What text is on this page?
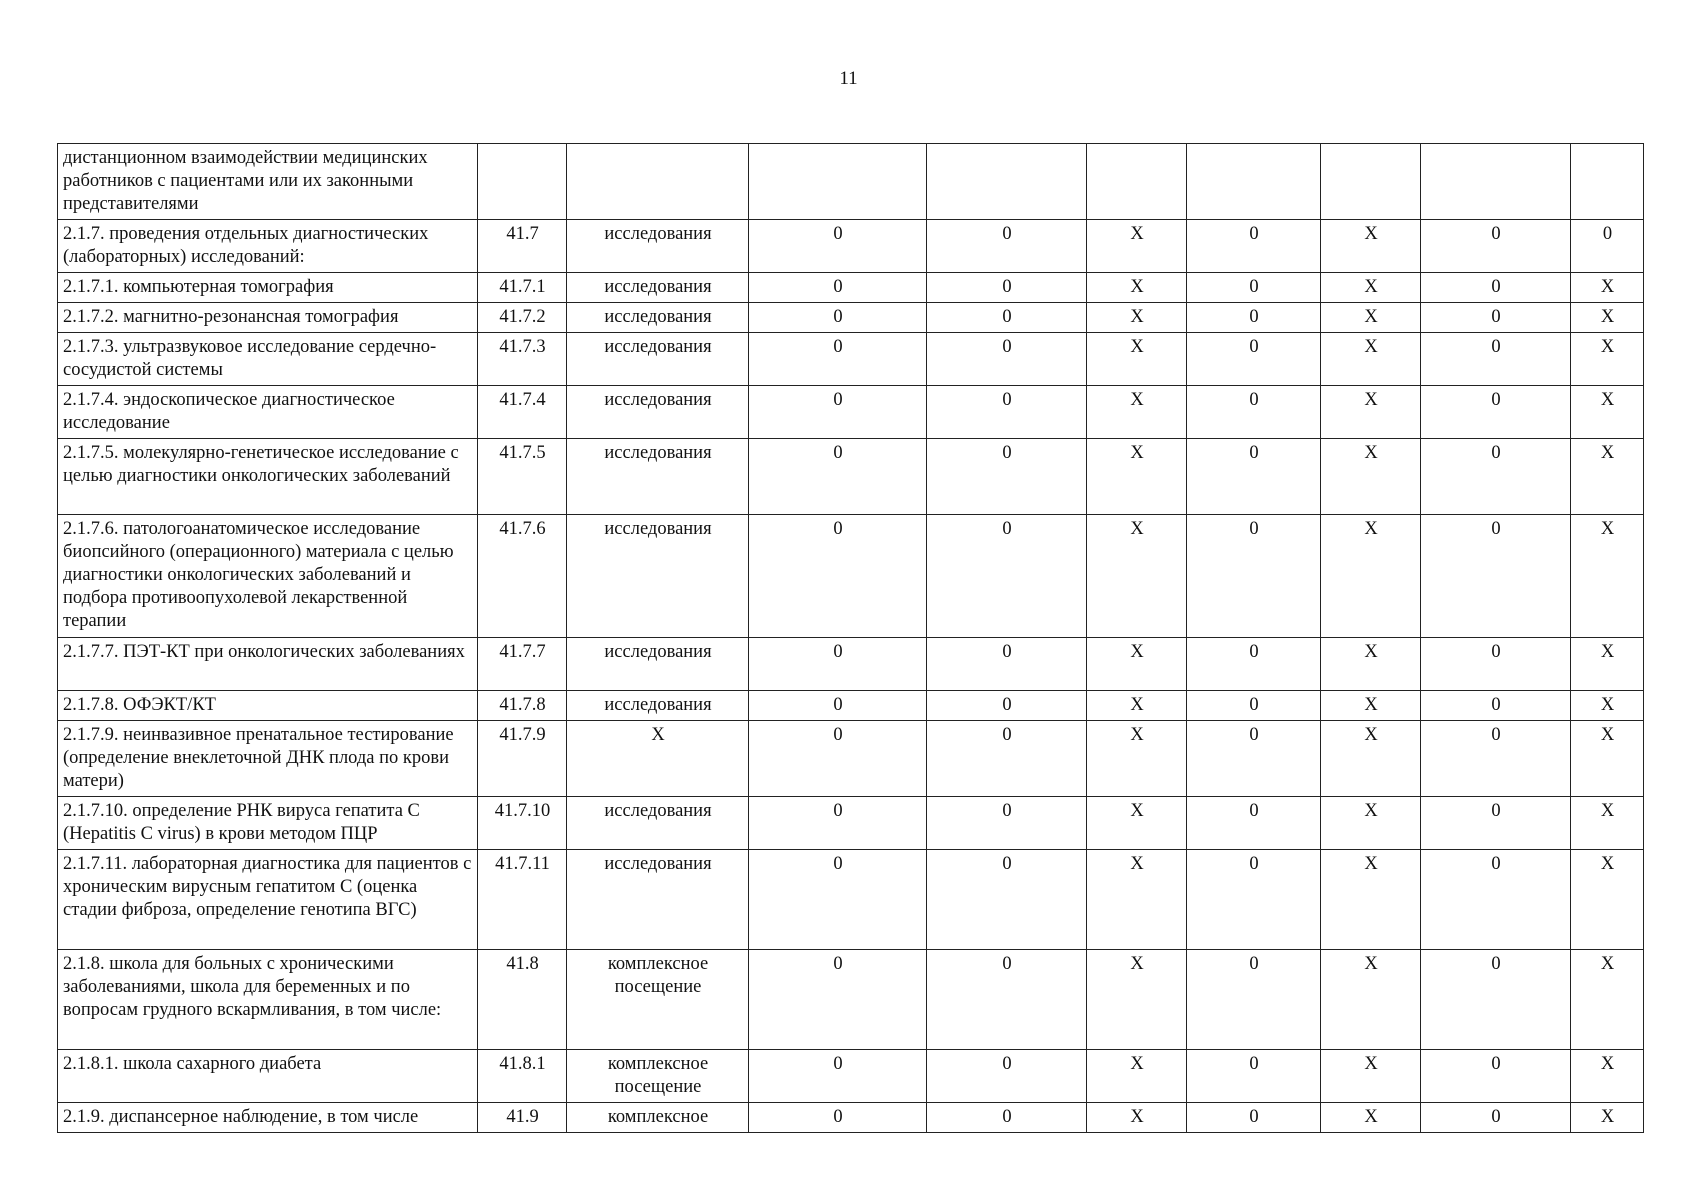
11
дистанционном взаимодействии медицинских работников с пациентами или их законными представителями									
2.1.7. проведения отдельных диагностических (лабораторных) исследований:	41.7	исследования	0	0	X	0	X	0	0
2.1.7.1. компьютерная томография	41.7.1	исследования	0	0	X	0	X	0	X
2.1.7.2. магнитно-резонансная томография	41.7.2	исследования	0	0	X	0	X	0	X
2.1.7.3. ультразвуковое исследование сердечно-сосудистой системы	41.7.3	исследования	0	0	X	0	X	0	X
2.1.7.4. эндоскопическое диагностическое исследование	41.7.4	исследования	0	0	X	0	X	0	X
2.1.7.5. молекулярно-генетическое исследование с целью диагностики онкологических заболеваний	41.7.5	исследования	0	0	X	0	X	0	X
2.1.7.6. патологоанатомическое исследование биопсийного (операционного) материала с целью диагностики онкологических заболеваний и подбора противоопухолевой лекарственной терапии	41.7.6	исследования	0	0	X	0	X	0	X
2.1.7.7. ПЭТ-КТ при онкологических заболеваниях	41.7.7	исследования	0	0	X	0	X	0	X
2.1.7.8. ОФЭКТ/КТ	41.7.8	исследования	0	0	X	0	X	0	X
2.1.7.9. неинвазивное пренатальное тестирование (определение внеклеточной ДНК плода по крови матери)	41.7.9	X	0	0	X	0	X	0	X
2.1.7.10. определение РНК вируса гепатита С (Hepatitis C virus) в крови методом ПЦР	41.7.10	исследования	0	0	X	0	X	0	X
2.1.7.11. лабораторная диагностика для пациентов с хроническим вирусным гепатитом С (оценка стадии фиброза, определение генотипа ВГС)	41.7.11	исследования	0	0	X	0	X	0	X
2.1.8. школа для больных с хроническими заболеваниями, школа для беременных и по вопросам грудного вскармливания, в том числе:	41.8	комплексное посещение	0	0	X	0	X	0	X
2.1.8.1. школа сахарного диабета	41.8.1	комплексное посещение	0	0	X	0	X	0	X
2.1.9. диспансерное наблюдение, в том числе	41.9	комплексное	0	0	X	0	X	0	X
